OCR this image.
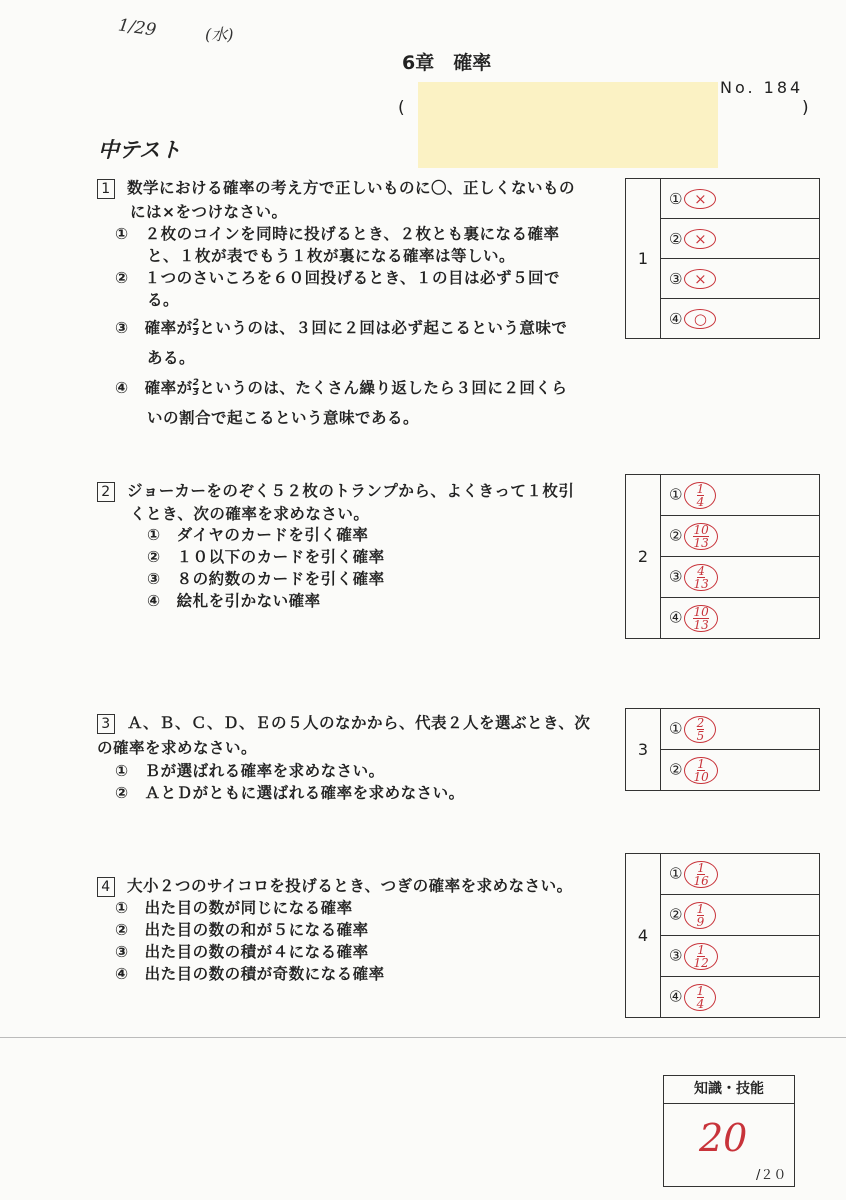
1/29	(水)
6章　確率
No. 184
(	)
中テスト
1 数学における確率の考え方で正しいものに〇、正しくないもの
には×をつけなさい。
①　 ２枚のコインを同時に投げるとき、２枚とも裏になる確率
と、１枚が表でもう１枚が裏になる確率は等しい。
②　 １つのさいころを６０回投げるとき、１の目は必ず５回で
る。
③　 確率が $\frac{2}{3}$ というのは、３回に２回は必ず起こるという意味で
ある。
④　 確率が $\frac{2}{3}$ というのは、たくさん繰り返したら３回に２回くら
いの割合で起こるという意味である。
1	① ×
② ×
③ ×
④ ○
2 ジョーカーをのぞく５２枚のトランプから、よくきって１枚引
くとき、次の確率を求めなさい。
①　ダイヤのカードを引く確率
②　１０以下のカードを引く確率
③　８の約数のカードを引く確率
④　絵札を引かない確率
2	① $\frac{1}{4}$

② $\frac{10}{13}$

③ $\frac{4}{13}$

④ $\frac{10}{13}$
3 Ａ、Ｂ、Ｃ、Ｄ、Ｅの５人のなかから、代表２人を選ぶとき、次
の確率を求めなさい。
①　Ｂが選ばれる確率を求めなさい。
②　ＡとＤがともに選ばれる確率を求めなさい。
3	① $\frac{2}{5}$

② $\frac{1}{10}$
4 大小２つのサイコロを投げるとき、つぎの確率を求めなさい。
①　出た目の数が同じになる確率
②　出た目の数の和が５になる確率
③　出た目の数の積が４になる確率
④　出た目の数の積が奇数になる確率
4	① $\frac{1}{16}$

② $\frac{1}{9}$

③ $\frac{1}{12}$

④ $\frac{1}{4}$
知識・技能
20
/２０
